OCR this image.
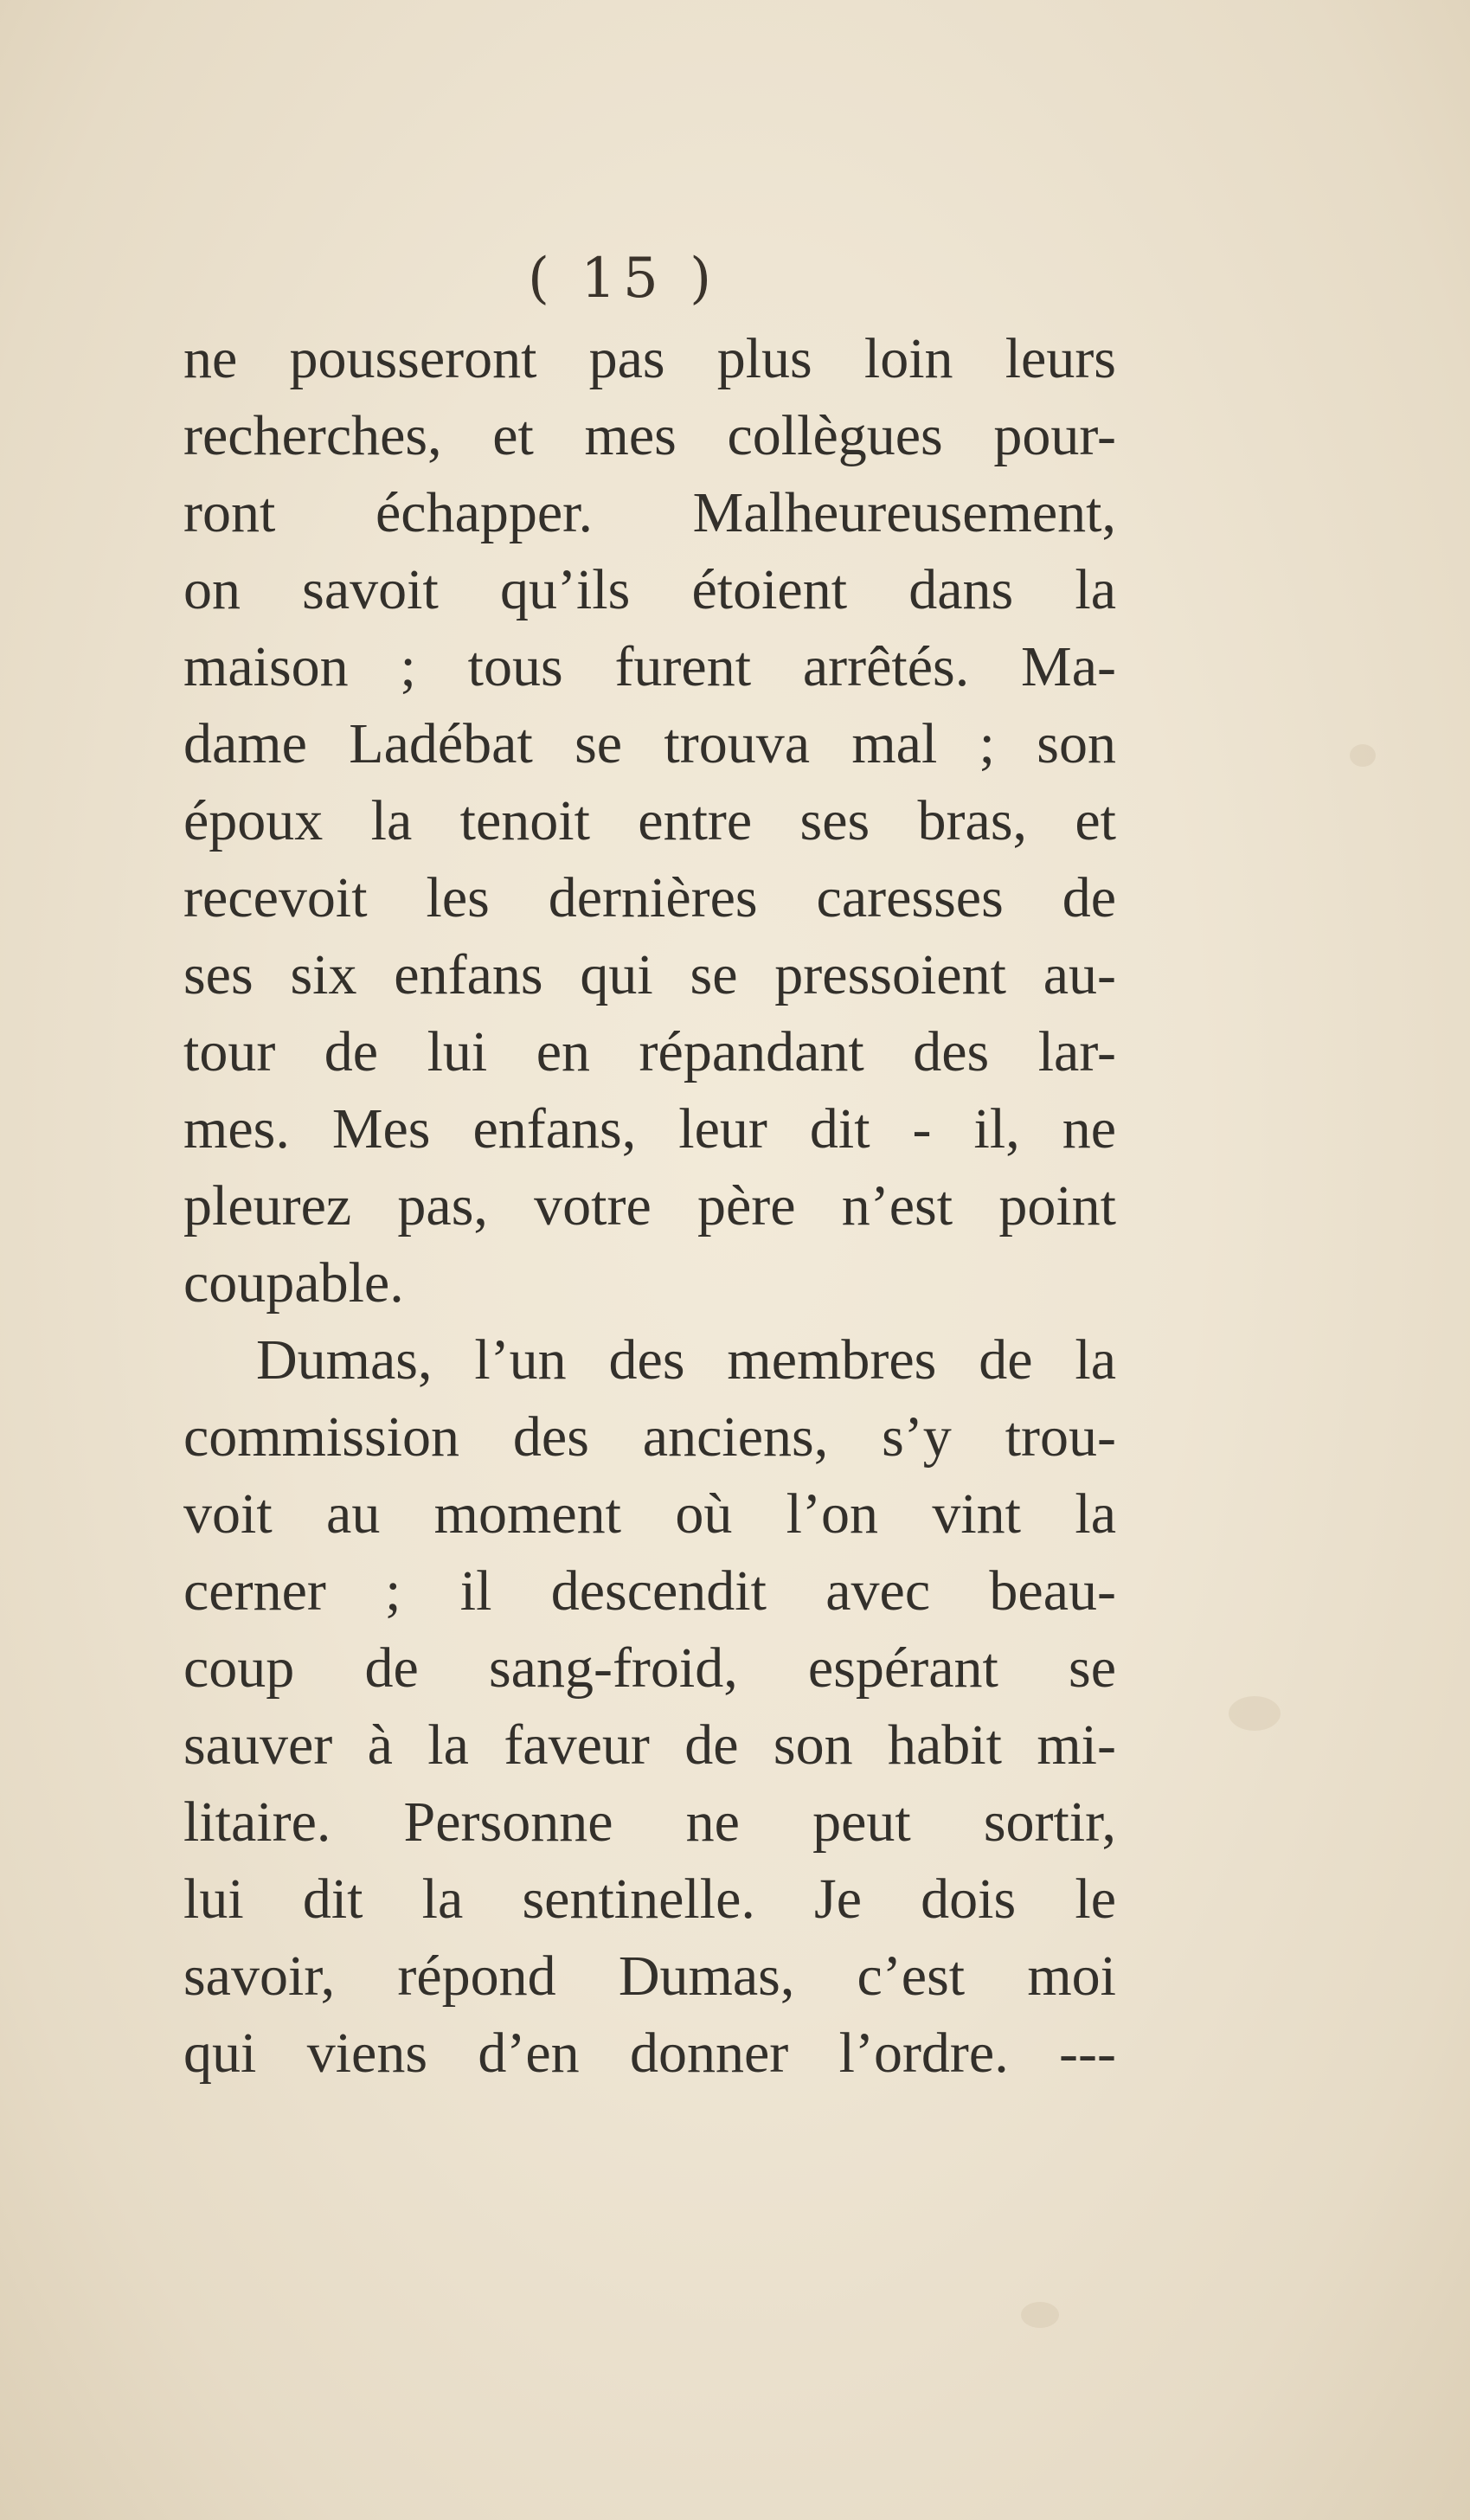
( 15 )

ne pousseront pas plus loin leurs
recherches, et mes collègues pour-
ront échapper. Malheureusement,
on savoit qu’ils étoient dans la
maison ; tous furent arrêtés. Ma-
dame Ladébat se trouva mal ; son
époux la tenoit entre ses bras, et
recevoit les dernières caresses de
ses six enfans qui se pressoient au-
tour de lui en répandant des lar-
mes. Mes enfans, leur dit - il, ne
pleurez pas, votre père n’est point
coupable.
Dumas, l’un des membres de la
commission des anciens, s’y trou-
voit au moment où l’on vint la
cerner ; il descendit avec beau-
coup de sang-froid, espérant se
sauver à la faveur de son habit mi-
litaire. Personne ne peut sortir,
lui dit la sentinelle. Je dois le
savoir, répond Dumas, c’est moi
qui viens d’en donner l’ordre. ---
